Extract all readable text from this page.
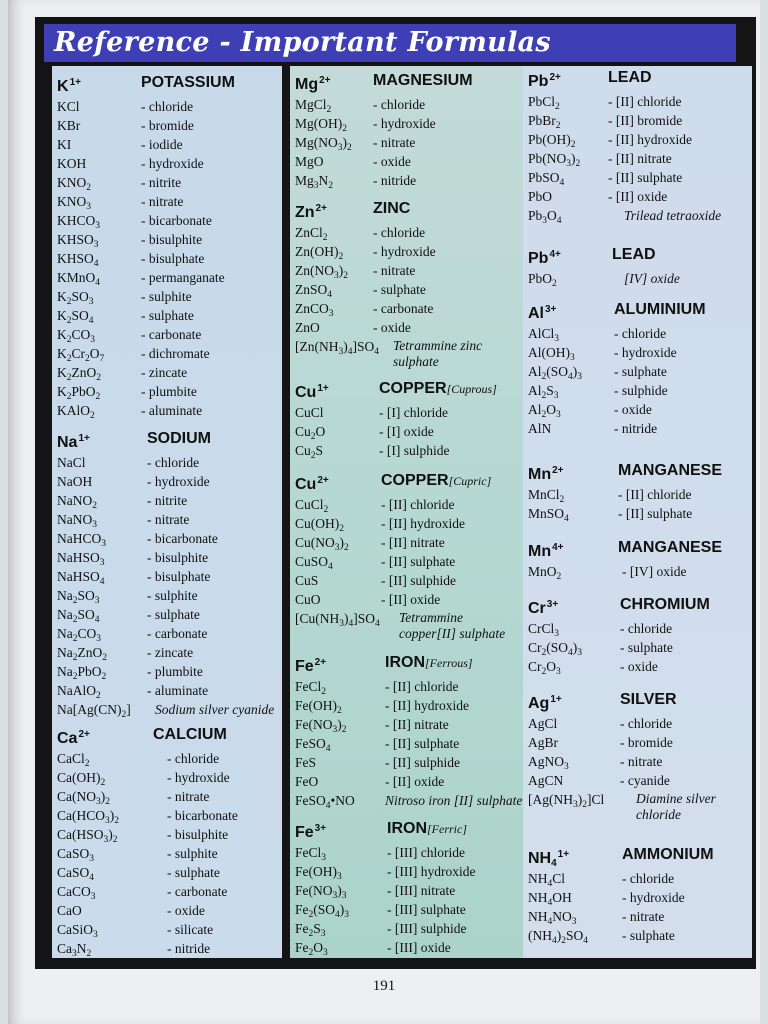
Reference - Important Formulas
$K^{1+}$	POTASSIUM
KCl	- chloride
KBr	- bromide
KI	- iodide
KOH	- hydroxide
$KNO_2$	- nitrite
$KNO_3$	- nitrate
$KHCO_3$	- bicarbonate
$KHSO_3$	- bisulphite
$KHSO_4$	- bisulphate
KMnO$_4$	- permanganate
$K_2SO_3$	- sulphite
$K_2SO_4$	- sulphate
$K_2CO_3$	- carbonate
$K_2Cr_2O_7$	- dichromate
$K_2ZnO_2$	- zincate
$K_2PbO_2$	- plumbite
KAlO$_2$	- aluminate
$Na^{1+}$	SODIUM
NaCl	- chloride
NaOH	- hydroxide
NaNO$_2$	- nitrite
NaNO$_3$	- nitrate
NaHCO$_3$	- bicarbonate
NaHSO$_3$	- bisulphite
NaHSO$_4$	- bisulphate
$Na_2SO_3$	- sulphite
$Na_2SO_4$	- sulphate
$Na_2CO_3$	- carbonate
$Na_2ZnO_2$	- zincate
$Na_2PbO_2$	- plumbite
NaAlO$_2$	- aluminate
$Na[Ag(CN)_2]$ Sodium silver cyanide
$Ca^{2+}$	CALCIUM
CaCl$_2$	- chloride
$Ca(OH)_2$	- hydroxide
$Ca(NO_3)_2$	- nitrate
$Ca(HCO_3)_2$	- bicarbonate
$Ca(HSO_3)_2$	- bisulphite
CaSO$_3$	- sulphite
CaSO$_4$	- sulphate
CaCO$_3$	- carbonate
CaO	- oxide
CaSiO$_3$	- silicate
$Ca_3N_2$	- nitride
$Mg^{2+}$	MAGNESIUM
MgCl$_2$	- chloride
$Mg(OH)_2$ - hydroxide
$Mg(NO_3)_2$ - nitrate
MgO	- oxide
$Mg_3N_2$	- nitride
$Zn^{2+}$	ZINC
ZnCl$_2$	- chloride
$Zn(OH)_2$ - hydroxide
$Zn(NO_3)_2$ - nitrate
ZnSO$_4$	- sulphate
ZnCO$_3$	- carbonate
ZnO	- oxide
$[Zn(NH_3)_4]SO_4$ Tetrammine zinc sulphate
$Cu^{1+}$	COPPER[Cuprous]
CuCl	- [I] chloride
$Cu_2O$	- [I] oxide
$Cu_2S$	- [I] sulphide
$Cu^{2+}$	COPPER[Cupric]
CuCl$_2$	- [II] chloride
$Cu(OH)_2$	- [II] hydroxide
$Cu(NO_3)_2 - [II]$ nitrate
CuSO$_4$	- [II] sulphate
CuS	- [II] sulphide
CuO	- [II] oxide
$[Cu(NH_3)_4]SO_4$ Tetrammine copper[II] sulphate
$Fe^{2+}$	IRON[Ferrous]
FeCl$_2$	- [II] chloride
$Fe(OH)_2$	- [II] hydroxide
$Fe(NO_3)_2$	- [II] nitrate
FeSO$_4$	- [II] sulphate
FeS	- [II] sulphide
FeO	- [II] oxide
FeSO$_4$•NO Nitroso iron [II] sulphate
$Fe^{3+}$	IRON[Ferric]
FeCl$_3$	- [III] chloride
$Fe(OH)_3$	- [III] hydroxide
$Fe(NO_3)_3$	- [III] nitrate
$Fe_2(SO_4)_3$	- [III] sulphate
$Fe_2S_3$	- [III] sulphide
$Fe_2O_3$	- [III] oxide
$Pb^{2+}$	LEAD
PbCl$_2$	- [II] chloride
PbBr$_2$	- [II] bromide
$Pb(OH)_2 - [II]$ hydroxide
$Pb(NO_3)_2 - [II]$ nitrate
PbSO$_4$	- [II] sulphate
PbO	- [II] oxide
$Pb_3O_4$	Trilead tetraoxide
$Pb^{4+}$	LEAD
PbO$_2$	[IV] oxide
$Al^{3+}$	ALUMINIUM
AlCl$_3$	- chloride
$Al(OH)_3$	- hydroxide
$Al_2(SO_4)_3$ - sulphate
$Al_2S_3$	- sulphide
$Al_2O_3$	- oxide
AlN	- nitride
$Mn^{2+}$	MANGANESE
MnCl$_2$	- [II] chloride
MnSO$_4$	- [II] sulphate
$Mn^{4+}$	MANGANESE
MnO$_2$	- [IV] oxide
$Cr^{3+}$	CHROMIUM
CrCl$_3$	- chloride
$Cr_2(SO_4)_3$	- sulphate
$Cr_2O_3$	- oxide
$Ag^{1+}$	SILVER
AgCl	- chloride
AgBr	- bromide
AgNO$_3$	- nitrate
AgCN	- cyanide
$[Ag(NH_3)_2]Cl$ Diamine silver chloride
$NH_4^{1+}$	AMMONIUM
$NH_4Cl$	- chloride
$NH_4OH$	- hydroxide
$NH_4NO_3$	- nitrate
$(NH_4)_2SO_4$	- sulphate
191
